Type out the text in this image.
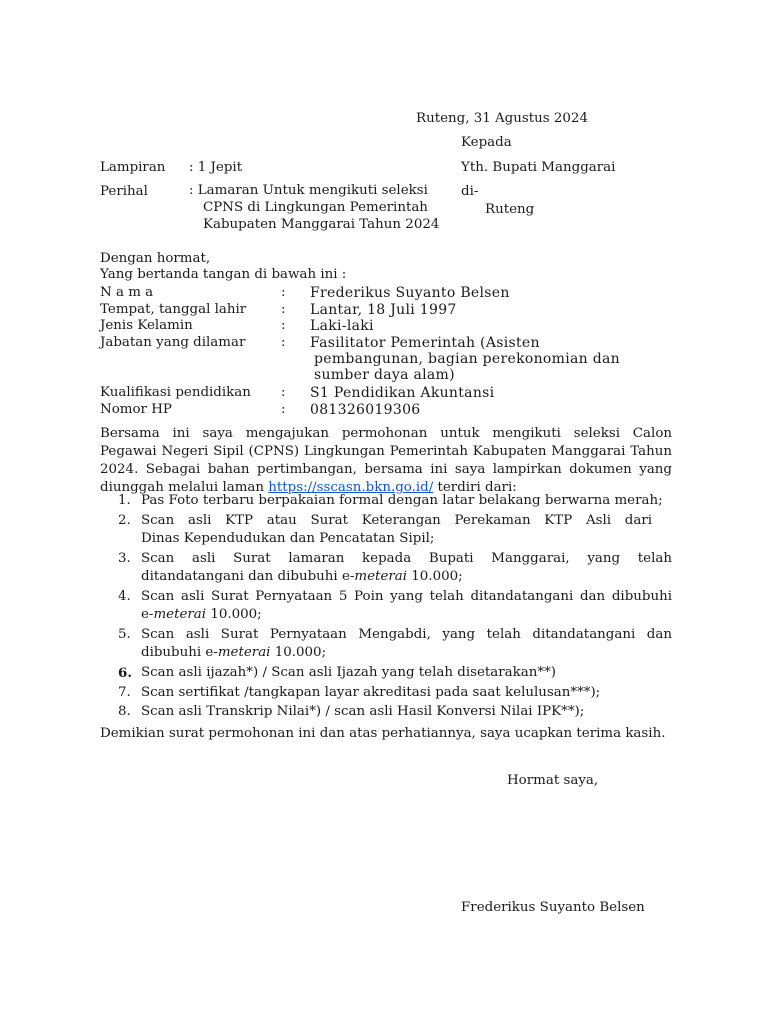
Ruteng, 31 Agustus 2024
Kepada
Yth. Bupati Manggarai
di-
Ruteng
Lampiran : 1 Jepit
Perihal	: Lamaran Untuk mengikuti seleksi
CPNS di Lingkungan Pemerintah
Kabupaten Manggarai Tahun 2024
Dengan hormat,
Yang bertanda tangan di bawah ini :
N a m a	: Frederikus Suyanto Belsen
Tempat, tanggal lahir	: Lantar, 18 Juli 1997
Jenis Kelamin	: Laki-laki
Jabatan yang dilamar	: Fasilitator Pemerintah (Asisten
pembangunan, bagian perekonomian dan
sumber daya alam)
Kualifikasi pendidikan : S1 Pendidikan Akuntansi
Nomor HP	: 081326019306
Bersama ini saya mengajukan permohonan untuk mengikuti seleksi Calon
Pegawai Negeri Sipil (CPNS) Lingkungan Pemerintah Kabupaten Manggarai Tahun
2024. Sebagai bahan pertimbangan, bersama ini saya lampirkan dokumen yang
diunggah melalui laman https://sscasn.bkn.go.id/ terdiri dari:
1. Pas Foto terbaru berpakaian formal dengan latar belakang berwarna merah;
2. Scan asli KTP atau Surat Keterangan Perekaman KTP Asli dari
Dinas Kependudukan dan Pencatatan Sipil;
3. Scan asli Surat lamaran kepada Bupati Manggarai, yang telah
ditandatangani dan dibubuhi e-meterai 10.000;
4. Scan asli Surat Pernyataan 5 Poin yang telah ditandatangani dan dibubuhi
e-meterai 10.000;
5. Scan asli Surat Pernyataan Mengabdi, yang telah ditandatangani dan
dibubuhi e-meterai 10.000;
6. Scan asli ijazah*) / Scan asli Ijazah yang telah disetarakan**)
7. Scan sertifikat /tangkapan layar akreditasi pada saat kelulusan***);
8. Scan asli Transkrip Nilai*) / scan asli Hasil Konversi Nilai IPK**);
Demikian surat permohonan ini dan atas perhatiannya, saya ucapkan terima kasih.
Hormat saya,
Frederikus Suyanto Belsen
